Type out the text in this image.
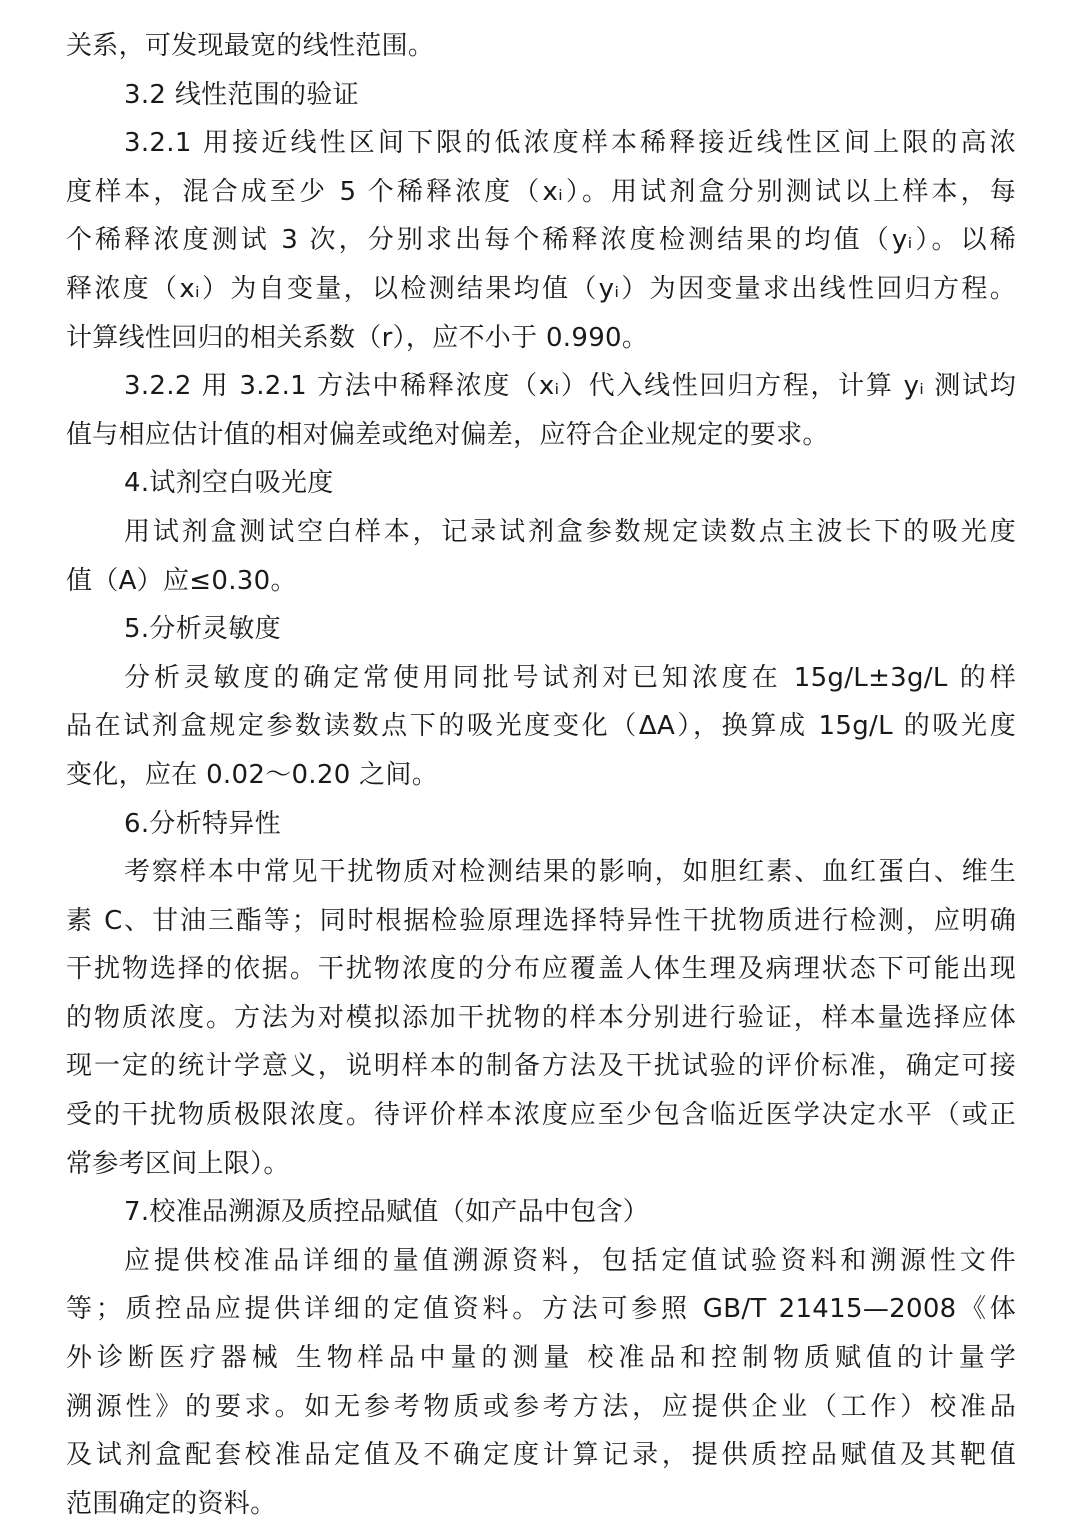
关系，可发现最宽的线性范围。
3.2 线性范围的验证
3.2.1 用接近线性区间下限的低浓度样本稀释接近线性区间上限的高浓
度样本，混合成至少 5 个稀释浓度（xᵢ）。用试剂盒分别测试以上样本，每
个稀释浓度测试 3 次，分别求出每个稀释浓度检测结果的均值（yᵢ）。以稀
释浓度（xᵢ）为自变量，以检测结果均值（yᵢ）为因变量求出线性回归方程。
计算线性回归的相关系数（r），应不小于 0.990。
3.2.2 用 3.2.1 方法中稀释浓度（xᵢ）代入线性回归方程，计算 yᵢ 测试均
值与相应估计值的相对偏差或绝对偏差，应符合企业规定的要求。
4.试剂空白吸光度
用试剂盒测试空白样本，记录试剂盒参数规定读数点主波长下的吸光度
值（A）应≤0.30。
5.分析灵敏度
分析灵敏度的确定常使用同批号试剂对已知浓度在 15g/L±3g/L 的样
品在试剂盒规定参数读数点下的吸光度变化（ΔA），换算成 15g/L 的吸光度
变化，应在 0.02～0.20 之间。
6.分析特异性
考察样本中常见干扰物质对检测结果的影响，如胆红素、血红蛋白、维生
素 C、甘油三酯等；同时根据检验原理选择特异性干扰物质进行检测，应明确
干扰物选择的依据。干扰物浓度的分布应覆盖人体生理及病理状态下可能出现
的物质浓度。方法为对模拟添加干扰物的样本分别进行验证，样本量选择应体
现一定的统计学意义，说明样本的制备方法及干扰试验的评价标准，确定可接
受的干扰物质极限浓度。待评价样本浓度应至少包含临近医学决定水平（或正
常参考区间上限）。
7.校准品溯源及质控品赋值（如产品中包含）
应提供校准品详细的量值溯源资料，包括定值试验资料和溯源性文件
等；质控品应提供详细的定值资料。方法可参照 GB/T 21415—2008《体
外诊断医疗器械 生物样品中量的测量 校准品和控制物质赋值的计量学
溯源性》的要求。如无参考物质或参考方法，应提供企业（工作）校准品
及试剂盒配套校准品定值及不确定度计算记录，提供质控品赋值及其靶值
范围确定的资料。
